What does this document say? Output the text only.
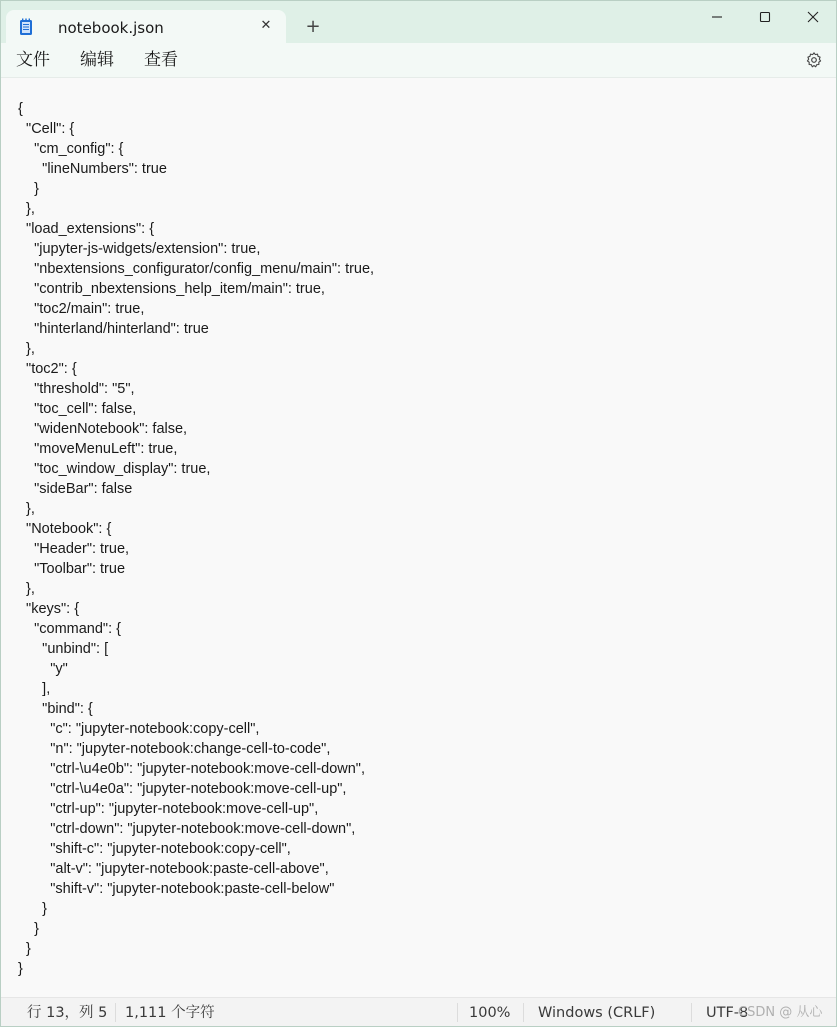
notebook.json	✕ +
文件 编辑 查看
{
"Cell": {
"cm_config": {
"lineNumbers": true
}
},
"load_extensions": {
"jupyter-js-widgets/extension": true,
"nbextensions_configurator/config_menu/main": true,
"contrib_nbextensions_help_item/main": true,
"toc2/main": true,
"hinterland/hinterland": true
},
"toc2": {
"threshold": "5",
"toc_cell": false,
"widenNotebook": false,
"moveMenuLeft": true,
"toc_window_display": true,
"sideBar": false
},
"Notebook": {
"Header": true,
"Toolbar": true
},
"keys": {
"command": {
"unbind": [
"y"
],
"bind": {
"c": "jupyter-notebook:copy-cell",
"n": "jupyter-notebook:change-cell-to-code",
"ctrl-\u4e0b": "jupyter-notebook:move-cell-down",
"ctrl-\u4e0a": "jupyter-notebook:move-cell-up",
"ctrl-up": "jupyter-notebook:move-cell-up",
"ctrl-down": "jupyter-notebook:move-cell-down",
"shift-c": "jupyter-notebook:copy-cell",
"alt-v": "jupyter-notebook:paste-cell-above",
"shift-v": "jupyter-notebook:paste-cell-below"
}
}
}
}
行 13，列 5 1,111 个字符	100% Windows (CRLF)	UTF-8
CSDN @ 从心
